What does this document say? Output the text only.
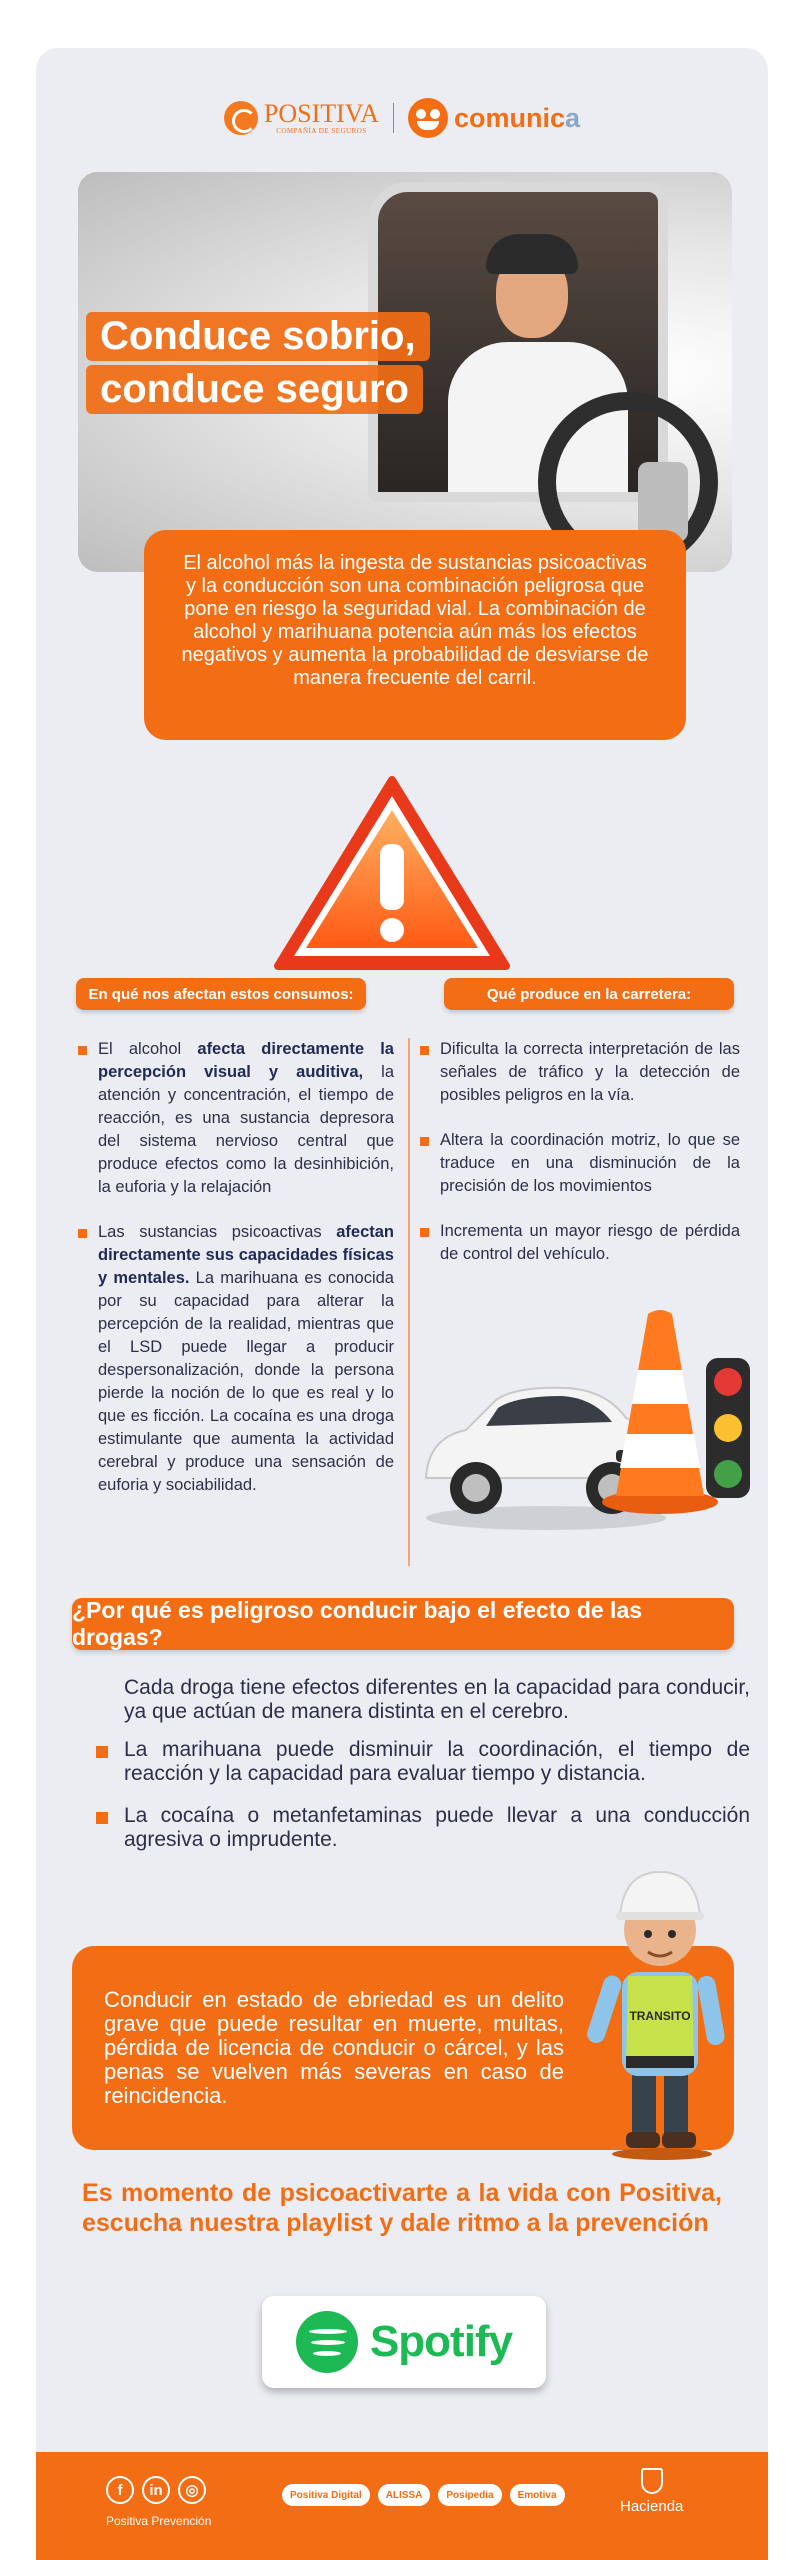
POSITIVA
COMPAÑÍA DE SEGUROS	comunica
Conduce sobrio,
conduce seguro
El alcohol más la ingesta de sustancias psicoactivas y la conducción son una combinación peligrosa que pone en riesgo la seguridad vial. La combinación de alcohol y marihuana potencia aún más los efectos negativos y aumenta la probabilidad de desviarse de manera frecuente del carril.
En qué nos afectan estos consumos:	Qué produce en la carretera:
El alcohol afecta directamente la percepción visual y auditiva, la atención y concentración, el tiempo de reacción, es una sustancia depresora del sistema nervioso central que produce efectos como la desinhibición, la euforia y la relajación
Las sustancias psicoactivas afectan directamente sus capacidades físicas y mentales. La marihuana es conocida por su capacidad para alterar la percepción de la realidad, mientras que el LSD puede llegar a producir despersonalización, donde la persona pierde la noción de lo que es real y lo que es ficción. La cocaína es una droga estimulante que aumenta la actividad cerebral y produce una sensación de euforia y sociabilidad.
Dificulta la correcta interpretación de las señales de tráfico y la detección de posibles peligros en la vía.
Altera la coordinación motriz, lo que se traduce en una disminución de la precisión de los movimientos
Incrementa un mayor riesgo de pérdida de control del vehículo.
¿Por qué es peligroso conducir bajo el efecto de las drogas?

Cada droga tiene efectos diferentes en la capacidad para conducir, ya que actúan de manera distinta en el cerebro.

La marihuana puede disminuir la coordinación, el tiempo de reacción y la capacidad para evaluar tiempo y distancia.
La cocaína o metanfetaminas puede llevar a una conducción agresiva o imprudente.
Conducir en estado de ebriedad es un delito grave que puede resultar en muerte, multas, pérdida de licencia de conducir o cárcel, y las penas se vuelven más severas en caso de reincidencia.
TRANSITO
Es momento de psicoactivarte a la vida con Positiva, escucha nuestra playlist y dale ritmo a la prevención
Spotify
f	in	◎
Positiva Prevención
Positiva Digital	ALISSA	Posipedia	Emotiva
Hacienda
